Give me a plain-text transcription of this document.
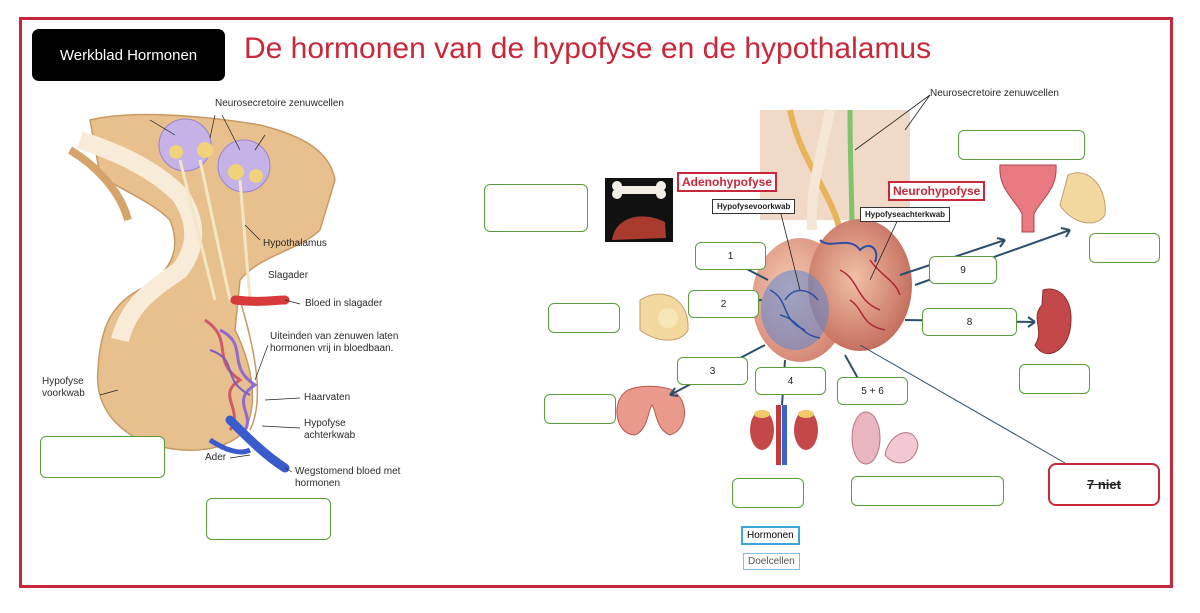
Werkblad Hormonen	De hormonen van de hypofyse en de hypothalamus
Neurosecretoire zenuwcellen
Hypothalamus
Slagader
Bloed in slagader
Uiteinden van zenuwen laten
hormonen vrij in bloedbaan.
Hypofyse
voorkwab	Haarvaten
Hypofyse
achterkwab
Ader
Wegstomend bloed met
hormonen
Neurosecretoire zenuwcellen
Adenohypofyse
Neurohypofyse
Hypofysevoorkwab
Hypofyseachterkwab
1
2
3
4
5 + 6
8
9
7 niet
Hormonen
Doelcellen
